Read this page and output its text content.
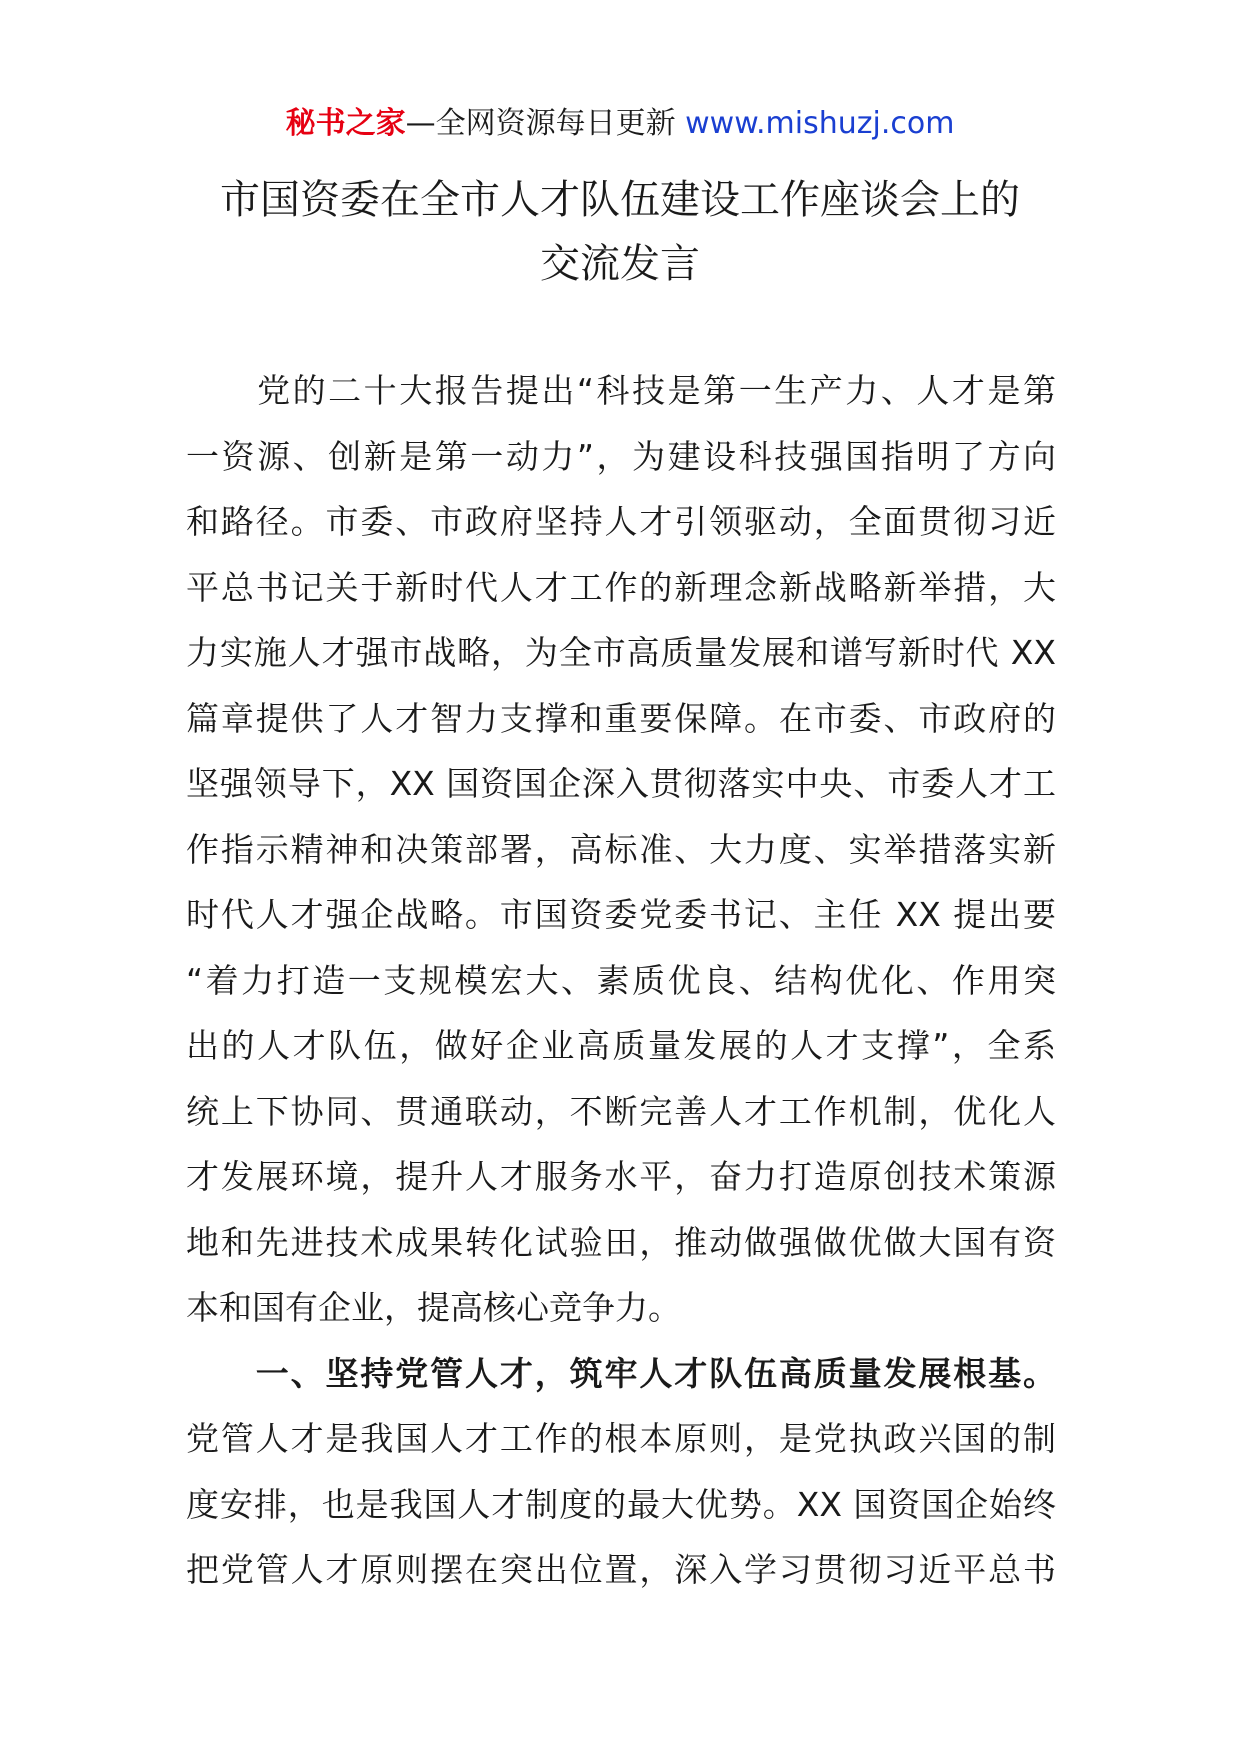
秘书之家—全网资源每日更新 www.mishuzj.com
市国资委在全市人才队伍建设工作座谈会上的
交流发言
　　党的二十大报告提出“科技是第一生产力、人才是第
一资源、创新是第一动力”，为建设科技强国指明了方向
和路径。市委、市政府坚持人才引领驱动，全面贯彻习近
平总书记关于新时代人才工作的新理念新战略新举措，大
力实施人才强市战略，为全市高质量发展和谱写新时代 XX
篇章提供了人才智力支撑和重要保障。在市委、市政府的
坚强领导下，XX 国资国企深入贯彻落实中央、市委人才工
作指示精神和决策部署，高标准、大力度、实举措落实新
时代人才强企战略。市国资委党委书记、主任 XX 提出要
“着力打造一支规模宏大、素质优良、结构优化、作用突
出的人才队伍，做好企业高质量发展的人才支撑”，全系
统上下协同、贯通联动，不断完善人才工作机制，优化人
才发展环境，提升人才服务水平，奋力打造原创技术策源
地和先进技术成果转化试验田，推动做强做优做大国有资
本和国有企业，提高核心竞争力。
　　一、坚持党管人才，筑牢人才队伍高质量发展根基。
党管人才是我国人才工作的根本原则，是党执政兴国的制
度安排，也是我国人才制度的最大优势。XX 国资国企始终
把党管人才原则摆在突出位置，深入学习贯彻习近平总书
